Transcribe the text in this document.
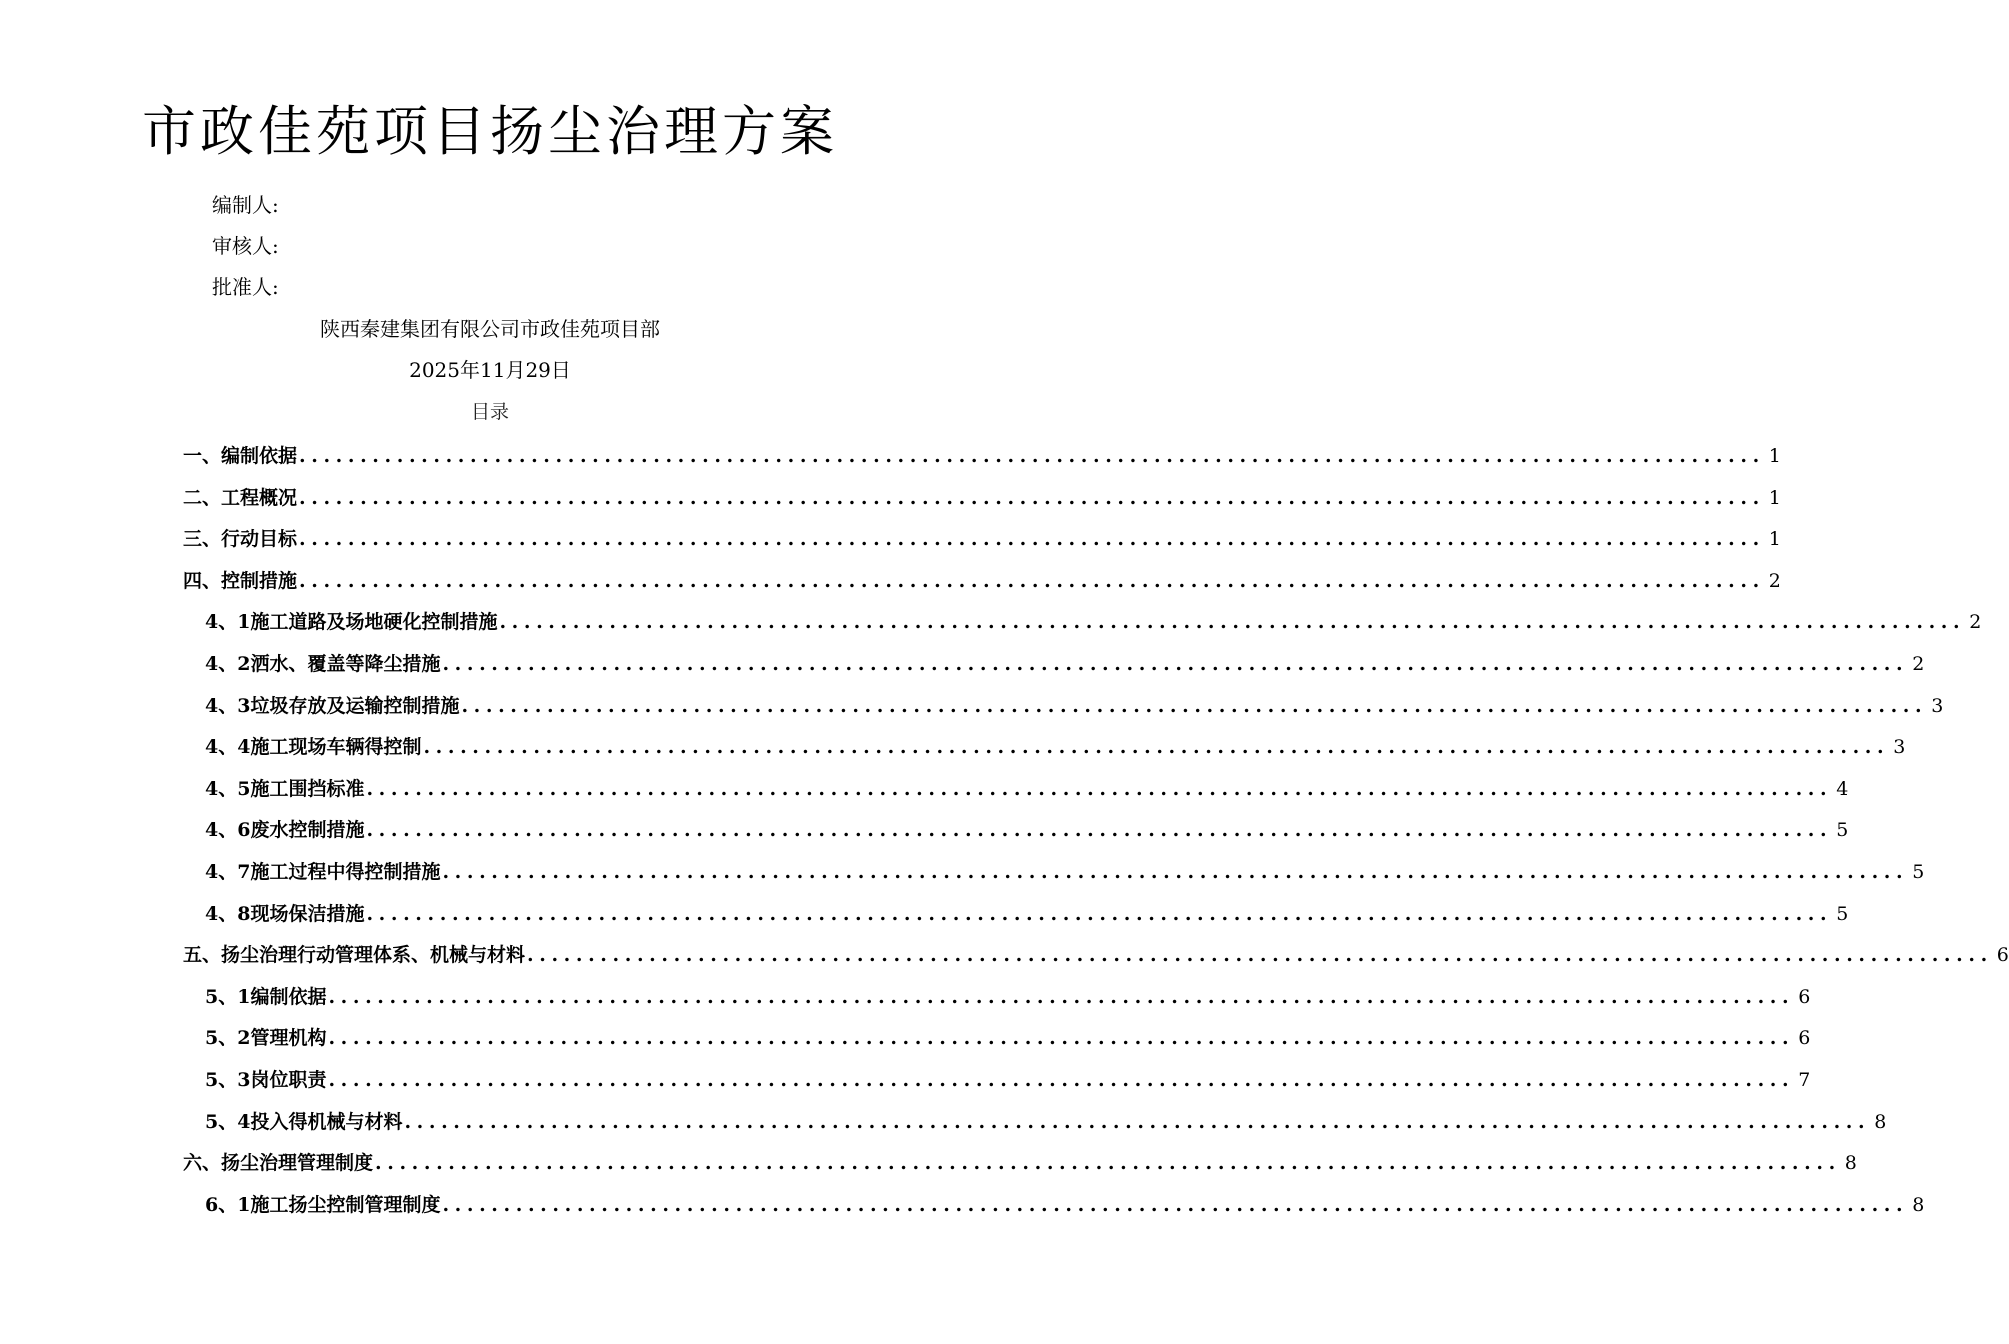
市政佳苑项目扬尘治理方案
编制人:
审核人:
批准人:
陕西秦建集团有限公司市政佳苑项目部
2025年11月29日
目录
一、编制依据 ........................................................................................................................ 1
二、工程概况 ........................................................................................................................ 1
三、行动目标 ........................................................................................................................ 1
四、控制措施 ........................................................................................................................ 2
4、1施工道路及场地硬化控制措施 ........................................................................................................................ 2
4、2洒水、覆盖等降尘措施 ........................................................................................................................ 2
4、3垃圾存放及运输控制措施 ........................................................................................................................ 3
4、4施工现场车辆得控制 ........................................................................................................................ 3
4、5施工围挡标准 ........................................................................................................................ 4
4、6废水控制措施 ........................................................................................................................ 5
4、7施工过程中得控制措施 ........................................................................................................................ 5
4、8现场保洁措施 ........................................................................................................................ 5
五、扬尘治理行动管理体系、机械与材料 ........................................................................................................................ 6
5、1编制依据 ........................................................................................................................ 6
5、2管理机构 ........................................................................................................................ 6
5、3岗位职责 ........................................................................................................................ 7
5、4投入得机械与材料 ........................................................................................................................ 8
六、扬尘治理管理制度 ........................................................................................................................ 8
6、1施工扬尘控制管理制度 ........................................................................................................................ 8
